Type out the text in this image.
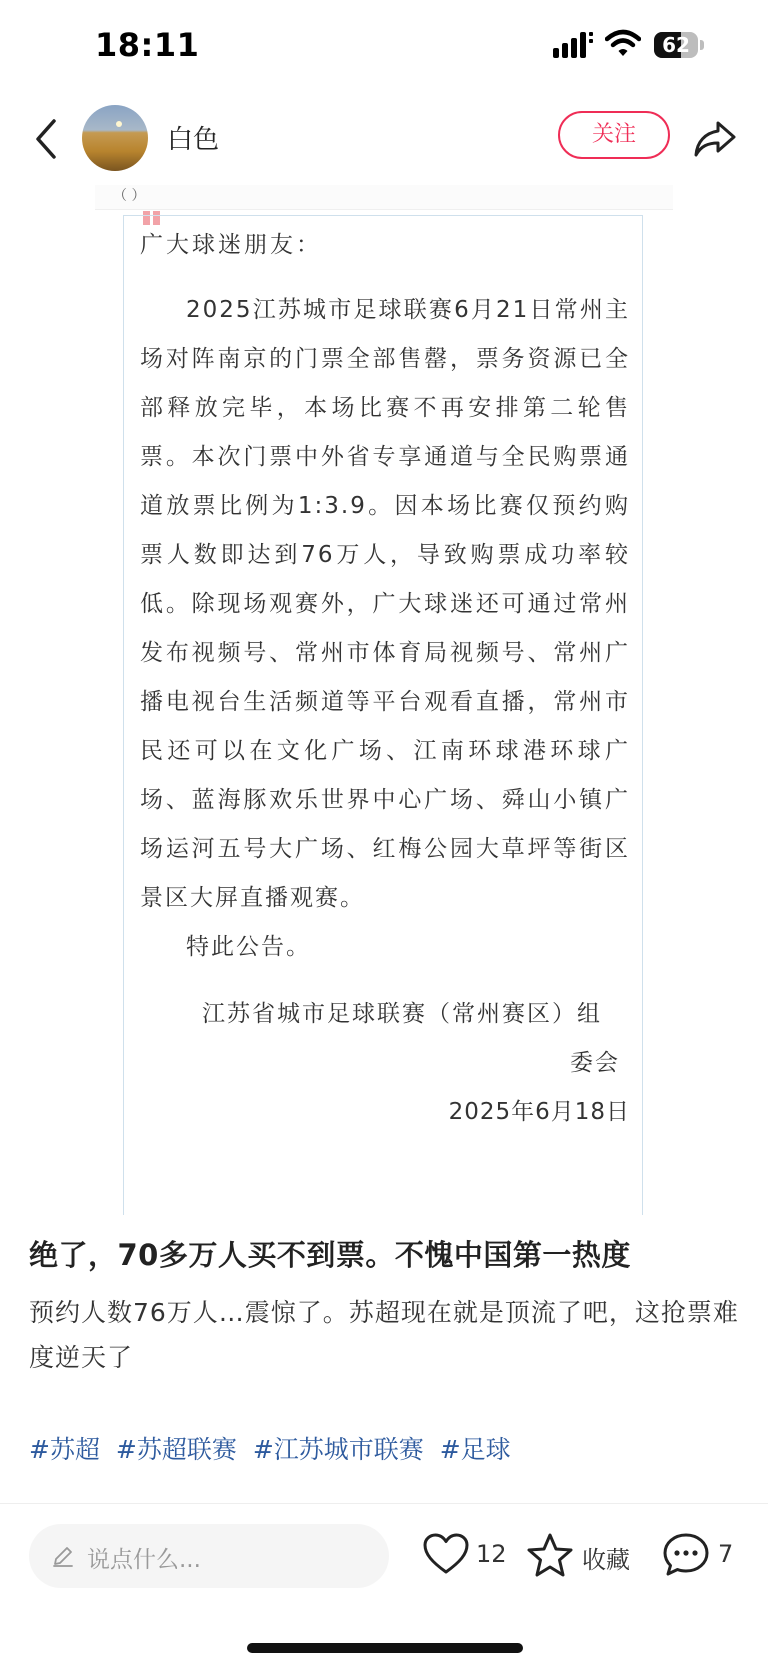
18:11	62
白色	关注
（ ）
广大球迷朋友：
2025江苏城市足球联赛6月21日常州主场对阵南京的门票全部售罄，票务资源已全部释放完毕，本场比赛不再安排第二轮售票。本次门票中外省专享通道与全民购票通道放票比例为1:3.9。因本场比赛仅预约购票人数即达到76万人，导致购票成功率较低。除现场观赛外，广大球迷还可通过常州发布视频号、常州市体育局视频号、常州广播电视台生活频道等平台观看直播，常州市民还可以在文化广场、江南环球港环球广场、蓝海豚欢乐世界中心广场、舜山小镇广场运河五号大广场、红梅公园大草坪等街区景区大屏直播观赛。
特此公告。
江苏省城市足球联赛（常州赛区）组
委会
2025年6月18日
绝了，70多万人买不到票。不愧中国第一热度
预约人数76万人…震惊了。苏超现在就是顶流了吧，这抢票难度逆天了
#苏超 #苏超联赛 #江苏城市联赛 #足球
说点什么...	12	收藏	7
